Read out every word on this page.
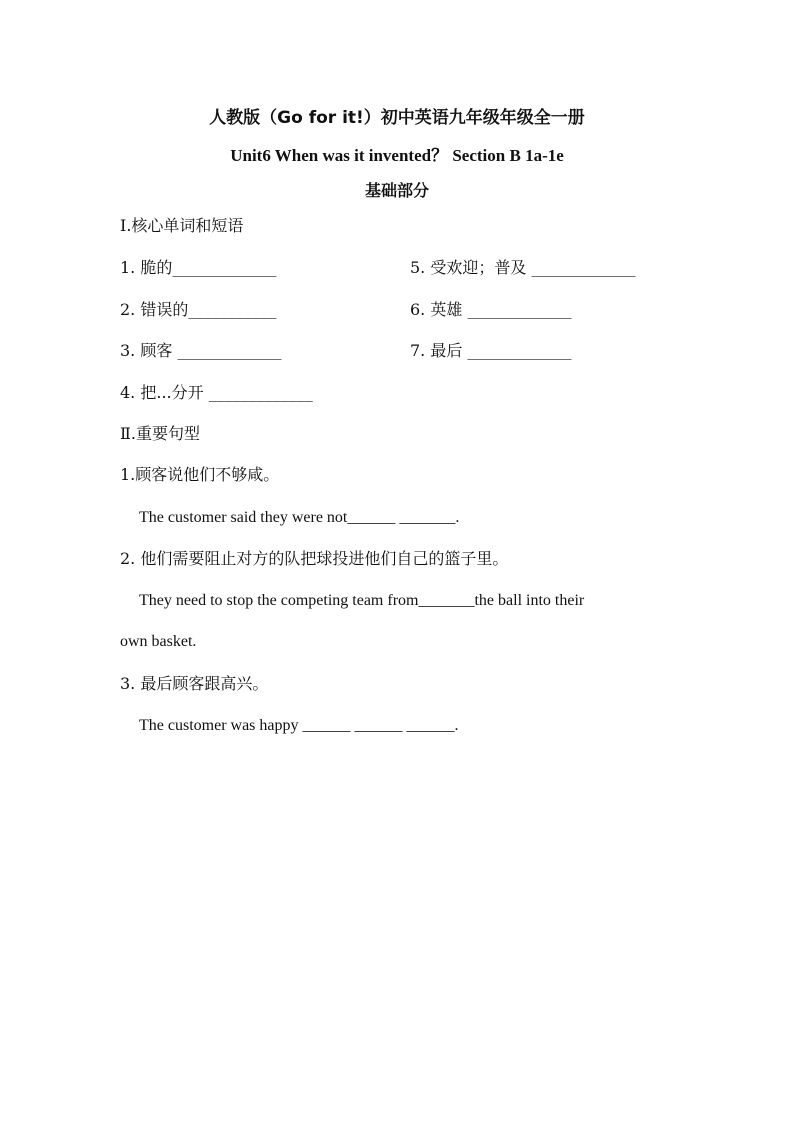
人教版（Go for it!）初中英语九年级年级全一册
Unit6 When was it invented？ Section B 1a-1e
基础部分
Ⅰ.核心单词和短语
1. 脆的_____________	5. 受欢迎；普及 _____________
2. 错误的___________	6. 英雄 _____________
3. 顾客 _____________	7. 最后 _____________
4. 把...分开 _____________
Ⅱ.重要句型
1.顾客说他们不够咸。
The customer said they were not______ _______.
2. 他们需要阻止对方的队把球投进他们自己的篮子里。
They need to stop the competing team from_______the ball into their
own basket.
3. 最后顾客跟高兴。
The customer was happy ______ ______ ______.
